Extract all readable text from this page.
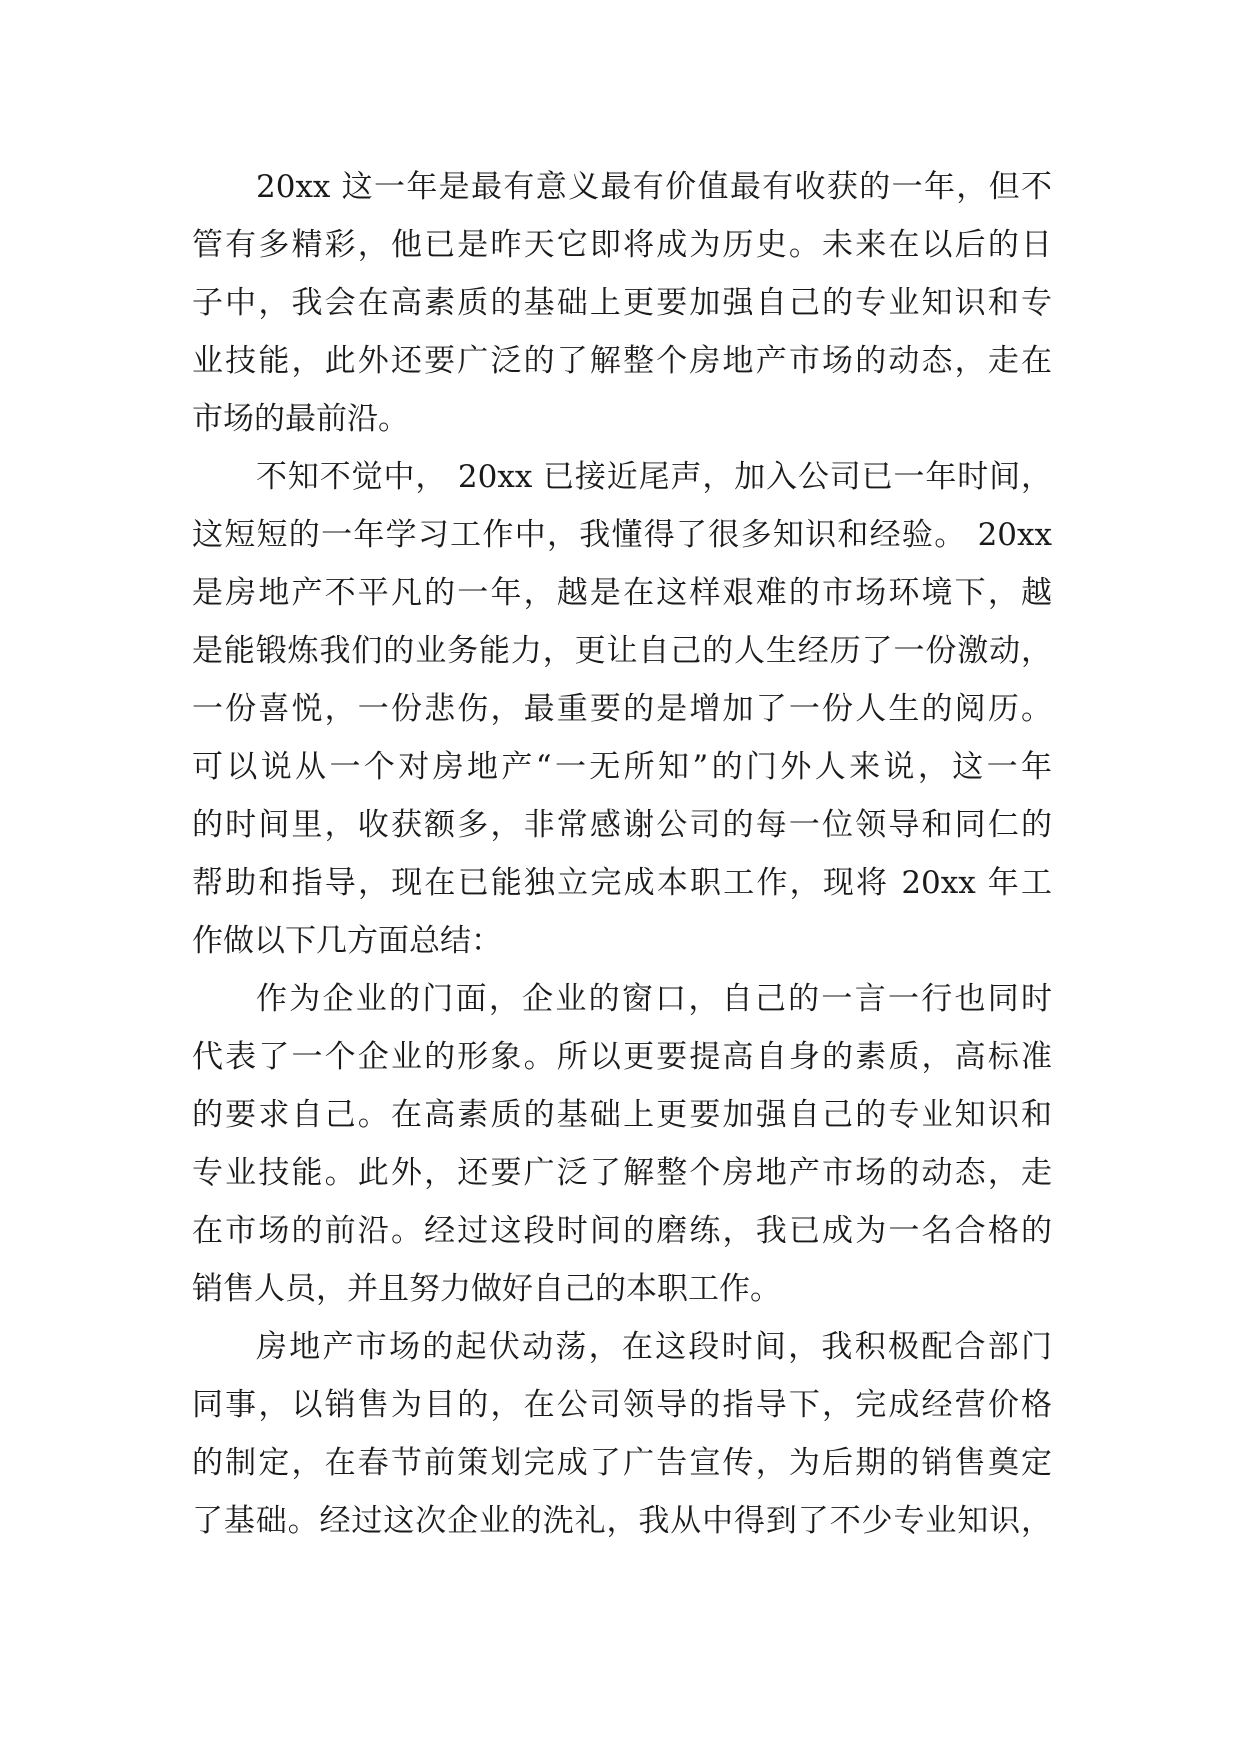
20xx 这一年是最有意义最有价值最有收获的一年，但不
管有多精彩，他已是昨天它即将成为历史。未来在以后的日
子中，我会在高素质的基础上更要加强自己的专业知识和专
业技能，此外还要广泛的了解整个房地产市场的动态，走在
市场的最前沿。
不知不觉中， 20xx 已接近尾声，加入公司已一年时间，
这短短的一年学习工作中，我懂得了很多知识和经验。 20xx
是房地产不平凡的一年，越是在这样艰难的市场环境下，越
是能锻炼我们的业务能力，更让自己的人生经历了一份激动，
一份喜悦，一份悲伤，最重要的是增加了一份人生的阅历。
可以说从一个对房地产“一无所知”的门外人来说，这一年
的时间里，收获额多，非常感谢公司的每一位领导和同仁的
帮助和指导，现在已能独立完成本职工作，现将 20xx 年工
作做以下几方面总结：
作为企业的门面，企业的窗口，自己的一言一行也同时
代表了一个企业的形象。所以更要提高自身的素质，高标准
的要求自己。在高素质的基础上更要加强自己的专业知识和
专业技能。此外，还要广泛了解整个房地产市场的动态，走
在市场的前沿。经过这段时间的磨练，我已成为一名合格的
销售人员，并且努力做好自己的本职工作。
房地产市场的起伏动荡，在这段时间，我积极配合部门
同事，以销售为目的，在公司领导的指导下，完成经营价格
的制定，在春节前策划完成了广告宣传，为后期的销售奠定
了基础。经过这次企业的洗礼，我从中得到了不少专业知识，
